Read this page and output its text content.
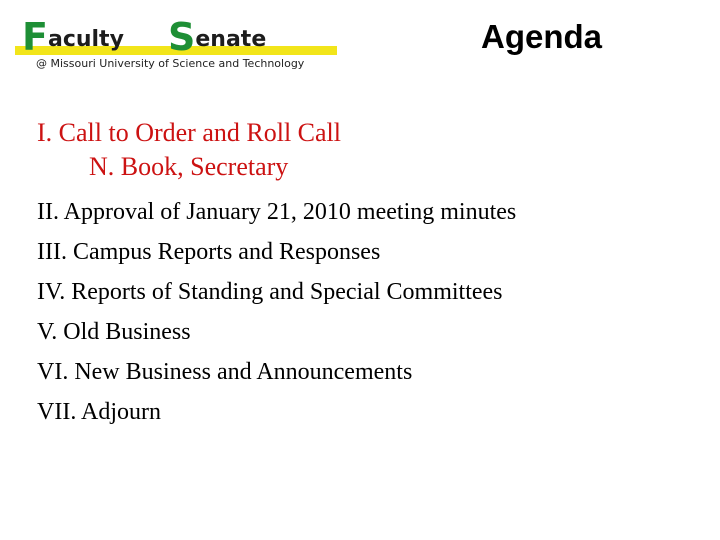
Faculty Senate
@ Missouri University of Science and Technology
Agenda
I. Call to Order and Roll Call
N. Book, Secretary
II. Approval of January 21, 2010 meeting minutes
III. Campus Reports and Responses
IV. Reports of Standing and Special Committees
V. Old Business
VI. New Business and Announcements
VII. Adjourn
